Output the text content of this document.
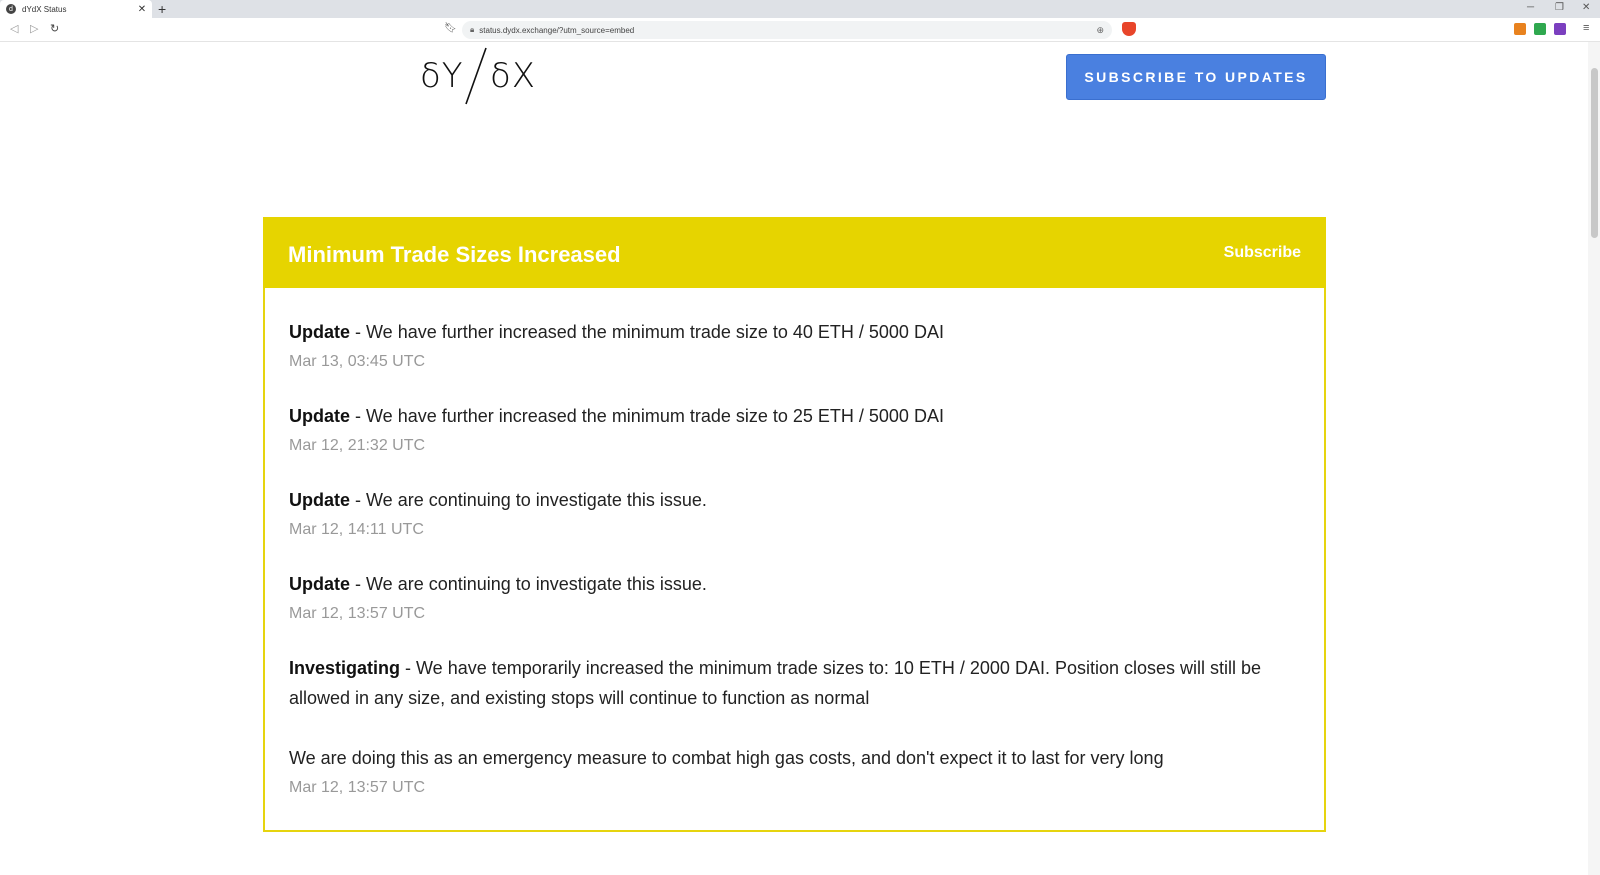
d	dYdX Status	✕ +	─ ❐ ✕
◁ ▷ ↻	🔖︎ 🔒︎ status.dydx.exchange/?utm_source=embed	⊕	≡
δY δX	SUBSCRIBE TO UPDATES
Minimum Trade Sizes Increased	Subscribe
Update - We have further increased the minimum trade size to 40 ETH / 5000 DAI
Mar 13, 03:45 UTC
Update - We have further increased the minimum trade size to 25 ETH / 5000 DAI
Mar 12, 21:32 UTC
Update - We are continuing to investigate this issue.
Mar 12, 14:11 UTC
Update - We are continuing to investigate this issue.
Mar 12, 13:57 UTC
Investigating - We have temporarily increased the minimum trade sizes to: 10 ETH / 2000 DAI. Position closes will still be allowed in any size, and existing stops will continue to function as normal

We are doing this as an emergency measure to combat high gas costs, and don't expect it to last for very long

Mar 12, 13:57 UTC
